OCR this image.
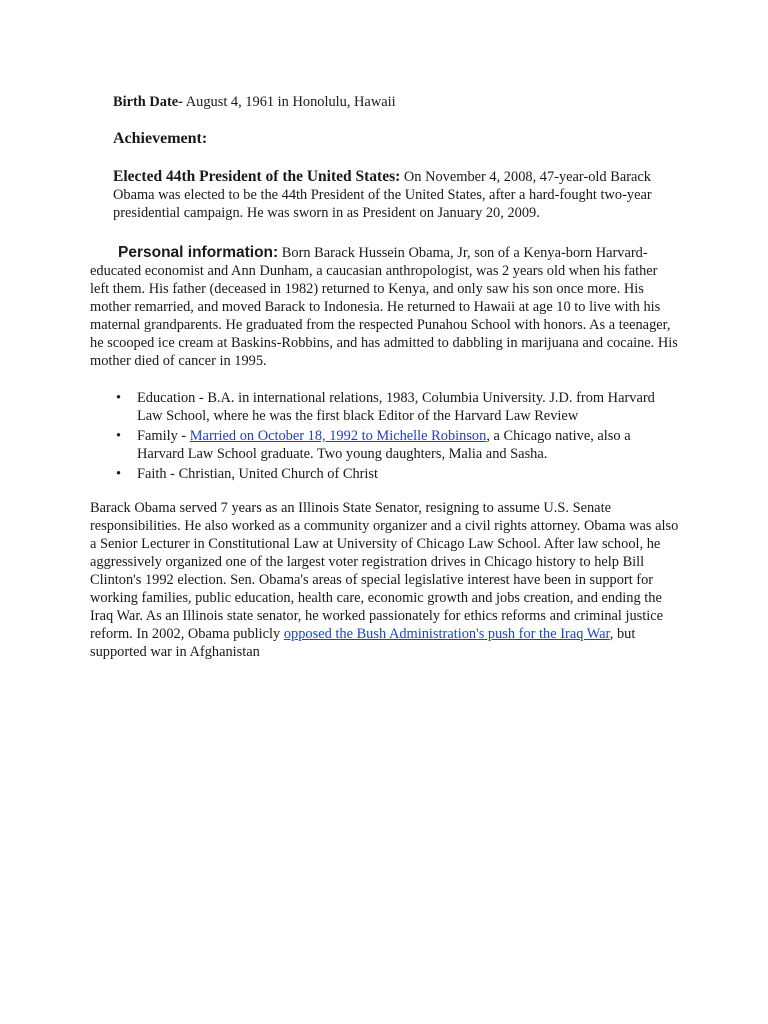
Birth Date- August 4, 1961 in Honolulu, Hawaii

Achievement:

Elected 44th President of the United States: On November 4, 2008, 47-year-old Barack Obama was elected to be the 44th President of the United States, after a hard-fought two-year presidential campaign. He was sworn in as President on January 20, 2009.

Personal information: Born Barack Hussein Obama, Jr, son of a Kenya-born Harvard-educated economist and Ann Dunham, a caucasian anthropologist, was 2 years old when his father left them. His father (deceased in 1982) returned to Kenya, and only saw his son once more. His mother remarried, and moved Barack to Indonesia. He returned to Hawaii at age 10 to live with his maternal grandparents. He graduated from the respected Punahou School with honors. As a teenager, he scooped ice cream at Baskins-Robbins, and has admitted to dabbling in marijuana and cocaine. His mother died of cancer in 1995.

• Education - B.A. in international relations, 1983, Columbia University. J.D. from Harvard Law School, where he was the first black Editor of the Harvard Law Review
• Family - Married on October 18, 1992 to Michelle Robinson, a Chicago native, also a Harvard Law School graduate. Two young daughters, Malia and Sasha.
• Faith - Christian, United Church of Christ

Barack Obama served 7 years as an Illinois State Senator, resigning to assume U.S. Senate responsibilities. He also worked as a community organizer and a civil rights attorney. Obama was also a Senior Lecturer in Constitutional Law at University of Chicago Law School. After law school, he aggressively organized one of the largest voter registration drives in Chicago history to help Bill Clinton's 1992 election. Sen. Obama's areas of special legislative interest have been in support for working families, public education, health care, economic growth and jobs creation, and ending the Iraq War. As an Illinois state senator, he worked passionately for ethics reforms and criminal justice reform. In 2002, Obama publicly opposed the Bush Administration's push for the Iraq War, but supported war in Afghanistan
